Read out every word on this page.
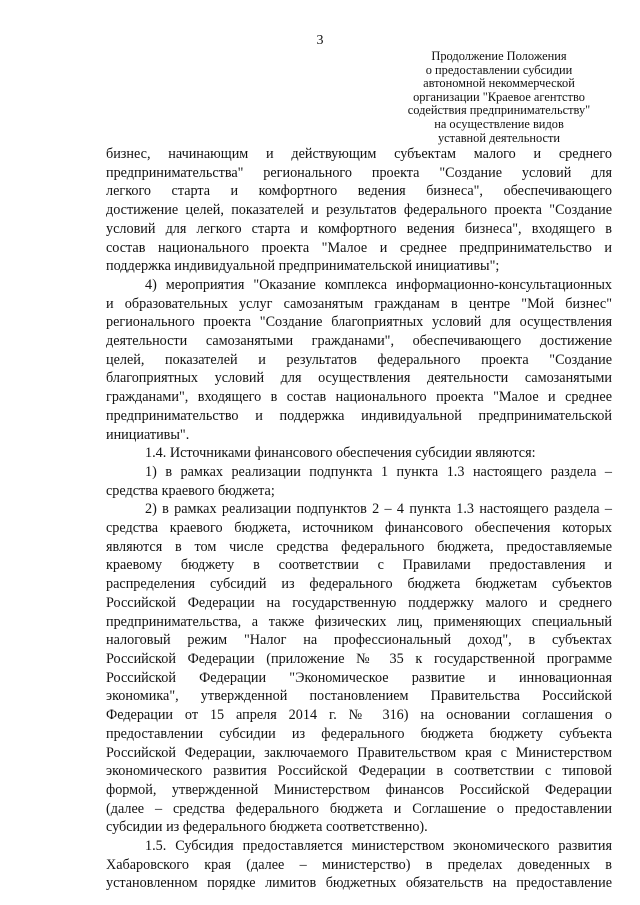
3
Продолжение Положения
о предоставлении субсидии
автономной некоммерческой
организации "Краевое агентство
содействия предпринимательству"
на осуществление видов
уставной деятельности

бизнес, начинающим и действующим субъектам малого и среднего
предпринимательства" регионального проекта "Создание условий для
легкого старта и комфортного ведения бизнеса", обеспечивающего
достижение целей, показателей и результатов федерального проекта "Создание
условий для легкого старта и комфортного ведения бизнеса", входящего в
состав национального проекта "Малое и среднее предпринимательство и
поддержка индивидуальной предпринимательской инициативы";

4) мероприятия "Оказание комплекса информационно-консультационных
и образовательных услуг самозанятым гражданам в центре "Мой бизнес"
регионального проекта "Создание благоприятных условий для осуществления
деятельности самозанятыми гражданами", обеспечивающего достижение
целей, показателей и результатов федерального проекта "Создание
благоприятных условий для осуществления деятельности самозанятыми
гражданами", входящего в состав национального проекта "Малое и среднее
предпринимательство и поддержка индивидуальной предпринимательской
инициативы".

1.4. Источниками финансового обеспечения субсидии являются:

1) в рамках реализации подпункта 1 пункта 1.3 настоящего раздела –
средства краевого бюджета;

2) в рамках реализации подпунктов 2 – 4 пункта 1.3 настоящего раздела –
средства краевого бюджета, источником финансового обеспечения которых
являются в том числе средства федерального бюджета, предоставляемые
краевому бюджету в соответствии с Правилами предоставления и
распределения субсидий из федерального бюджета бюджетам субъектов
Российской Федерации на государственную поддержку малого и среднего
предпринимательства, а также физических лиц, применяющих специальный
налоговый режим "Налог на профессиональный доход", в субъектах
Российской Федерации (приложение № 35 к государственной программе
Российской Федерации "Экономическое развитие и инновационная
экономика", утвержденной постановлением Правительства Российской
Федерации от 15 апреля 2014 г. № 316) на основании соглашения о
предоставлении субсидии из федерального бюджета бюджету субъекта
Российской Федерации, заключаемого Правительством края с Министерством
экономического развития Российской Федерации в соответствии с типовой
формой, утвержденной Министерством финансов Российской Федерации
(далее – средства федерального бюджета и Соглашение о предоставлении
субсидии из федерального бюджета соответственно).

1.5. Субсидия предоставляется министерством экономического развития
Хабаровского края (далее – министерство) в пределах доведенных в
установленном порядке лимитов бюджетных обязательств на предоставление
